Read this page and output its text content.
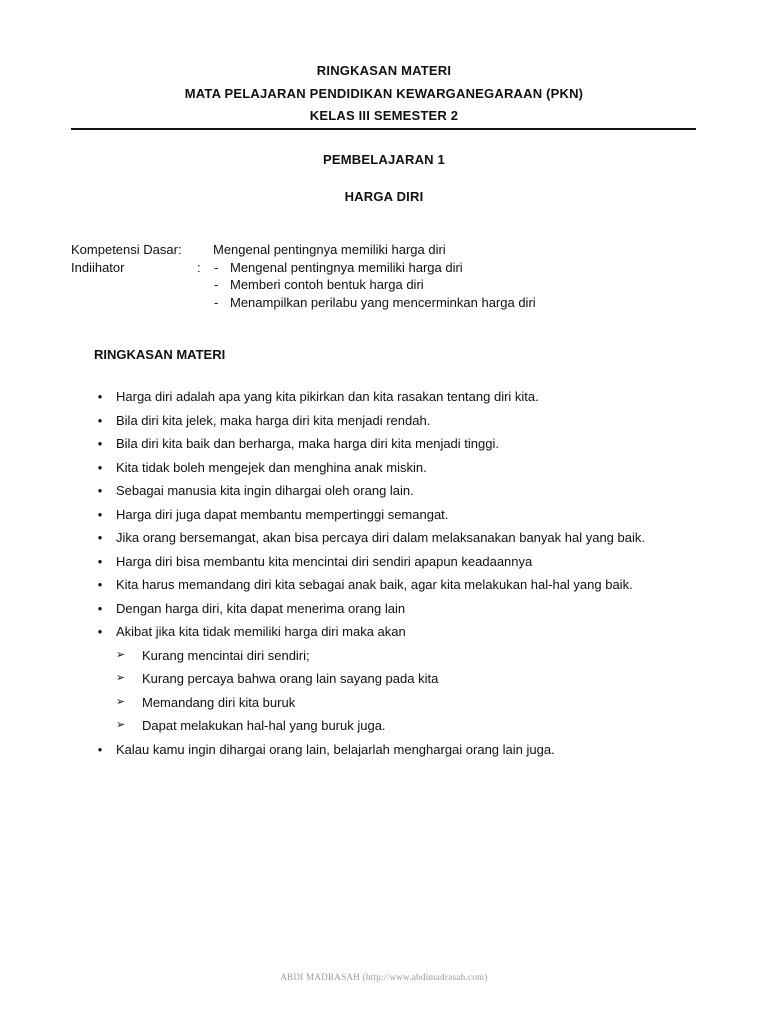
RINGKASAN MATERI
MATA PELAJARAN PENDIDIKAN KEWARGANEGARAAN (PKN)
KELAS III SEMESTER 2
PEMBELAJARAN 1
HARGA DIRI
Kompetensi Dasar: Mengenal pentingnya memiliki harga diri
Indiihator	: - Mengenal pentingnya memiliki harga diri
- Memberi contoh bentuk harga diri
- Menampilkan perilabu yang mencerminkan harga diri
RINGKASAN MATERI
• Harga diri adalah apa yang kita pikirkan dan kita rasakan tentang diri kita.
• Bila diri kita jelek, maka harga diri kita menjadi rendah.
• Bila diri kita baik dan berharga, maka harga diri kita menjadi tinggi.
• Kita tidak boleh mengejek dan menghina anak miskin.
• Sebagai manusia kita ingin dihargai oleh orang lain.
• Harga diri juga dapat membantu mempertinggi semangat.
• Jika orang bersemangat, akan bisa percaya diri dalam melaksanakan banyak hal yang baik.
• Harga diri bisa membantu kita mencintai diri sendiri apapun keadaannya
• Kita harus memandang diri kita sebagai anak baik, agar kita melakukan hal-hal yang baik.
• Dengan harga diri, kita dapat menerima orang lain
• Akibat jika kita tidak memiliki harga diri maka akan
➢ Kurang mencintai diri sendiri;
➢ Kurang percaya bahwa orang lain sayang pada kita
➢ Memandang diri kita buruk
➢ Dapat melakukan hal-hal yang buruk juga.
• Kalau kamu ingin dihargai orang lain, belajarlah menghargai orang lain juga.
ABDI MADRASAH (http://www.abdimadrasah.com)
